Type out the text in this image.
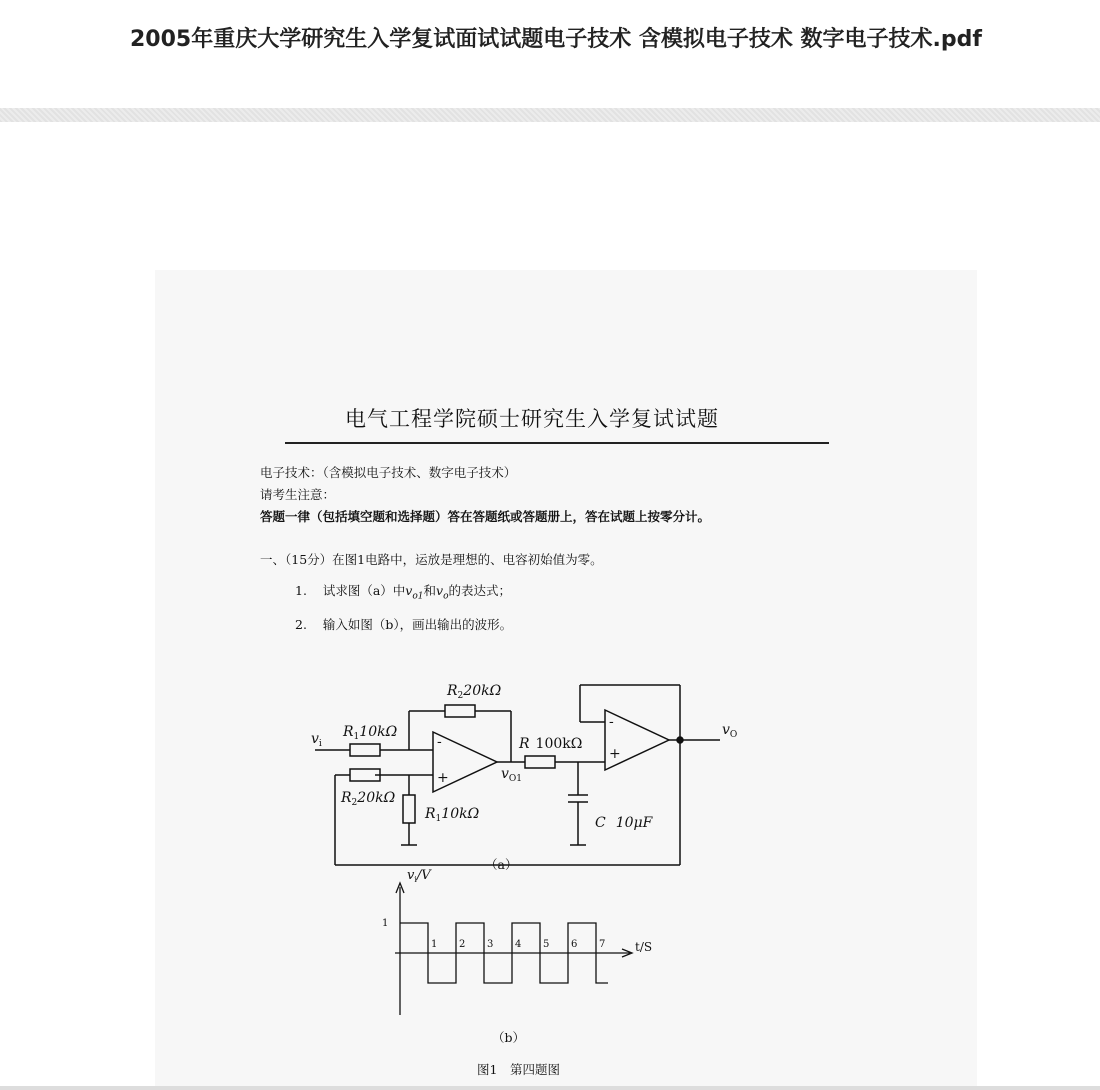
2005年重庆大学研究生入学复试面试试题电子技术 含模拟电子技术 数字电子技术.pdf
电气工程学院硕士研究生入学复试试题
电子技术：（含模拟电子技术、数字电子技术）
请考生注意：
答题一律（包括填空题和选择题）答在答题纸或答题册上，答在试题上按零分计。
一、（15分）在图1电路中，运放是理想的、电容初始值为零。
1. 试求图（a）中$v_{o1}$和$v_o$的表达式；
2. 输入如图（b），画出输出的波形。
$R_220k\Omega$
$R_110k\Omega$
$v_i$
$R_220k\Omega$
$R_110k\Omega$
R 100kΩ
$v_{O1}$
C 10μF
$v_O$
-
+
-
+
（a）
1
t/S
$v_i/V$
1 2 3 4 5 6 7
（b）
图1　第四题图
